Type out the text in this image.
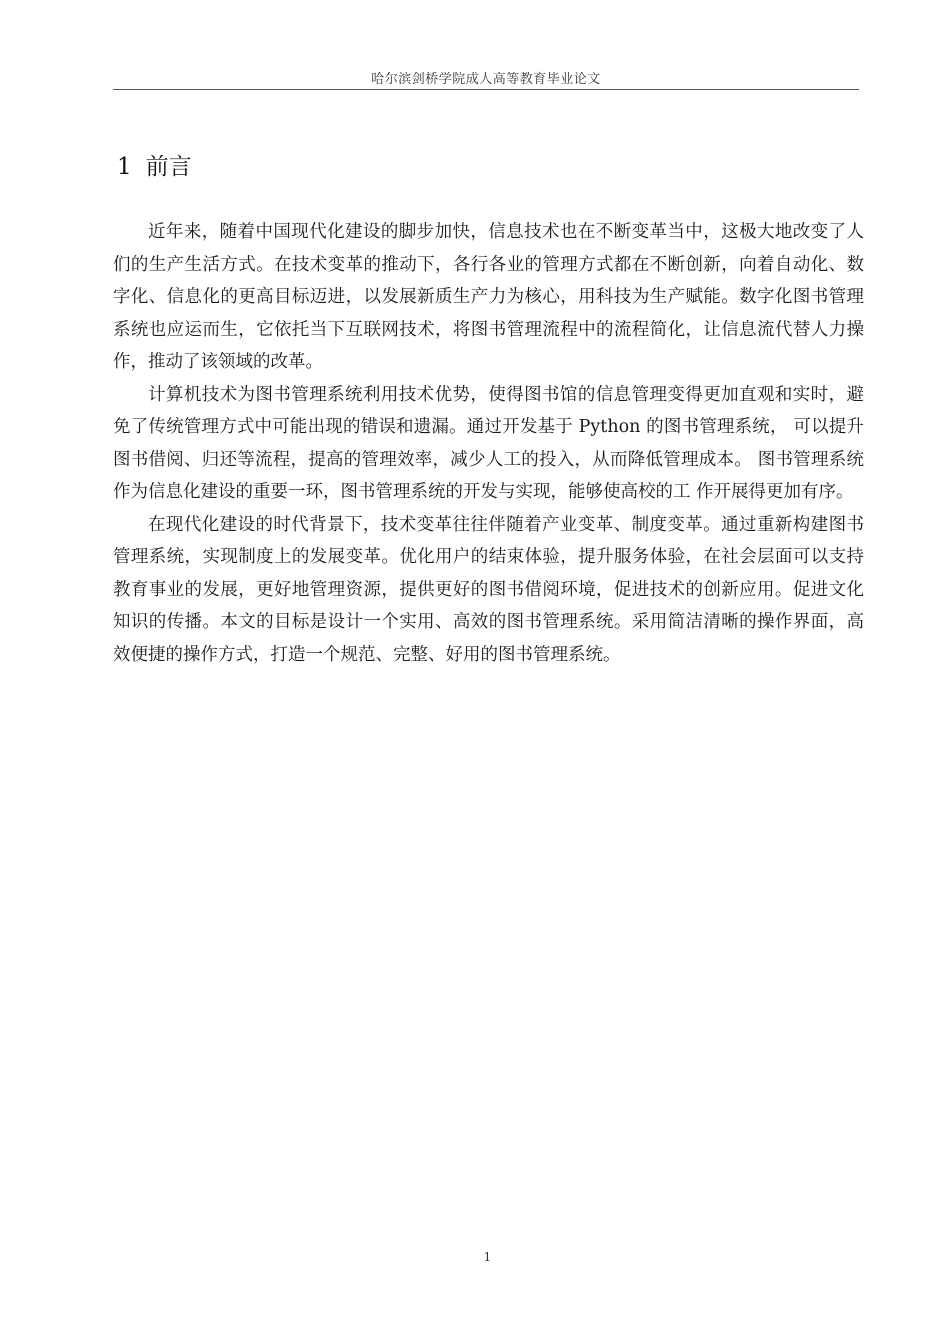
哈尔滨剑桥学院成人高等教育毕业论文
1 前言

近年来，随着中国现代化建设的脚步加快，信息技术也在不断变革当中，这极大地改变了人们的生产生活方式。在技术变革的推动下，各行各业的管理方式都在不断创新，向着自动化、数字化、信息化的更高目标迈进，以发展新质生产力为核心，用科技为生产赋能。数字化图书管理系统也应运而生，它依托当下互联网技术，将图书管理流程中的流程简化，让信息流代替人力操作，推动了该领域的改革。

计算机技术为图书管理系统利用技术优势，使得图书馆的信息管理变得更加直观和实时，避免了传统管理方式中可能出现的错误和遗漏。通过开发基于 Python 的图书管理系统， 可以提升图书借阅、归还等流程，提高的管理效率，减少人工的投入，从而降低管理成本。 图书管理系统作为信息化建设的重要一环，图书管理系统的开发与实现，能够使高校的工 作开展得更加有序。

在现代化建设的时代背景下，技术变革往往伴随着产业变革、制度变革。通过重新构建图书管理系统，实现制度上的发展变革。优化用户的结束体验，提升服务体验，在社会层面可以支持教育事业的发展，更好地管理资源，提供更好的图书借阅环境，促进技术的创新应用。促进文化知识的传播。本文的目标是设计一个实用、高效的图书管理系统。采用简洁清晰的操作界面，高效便捷的操作方式，打造一个规范、完整、好用的图书管理系统。

1
